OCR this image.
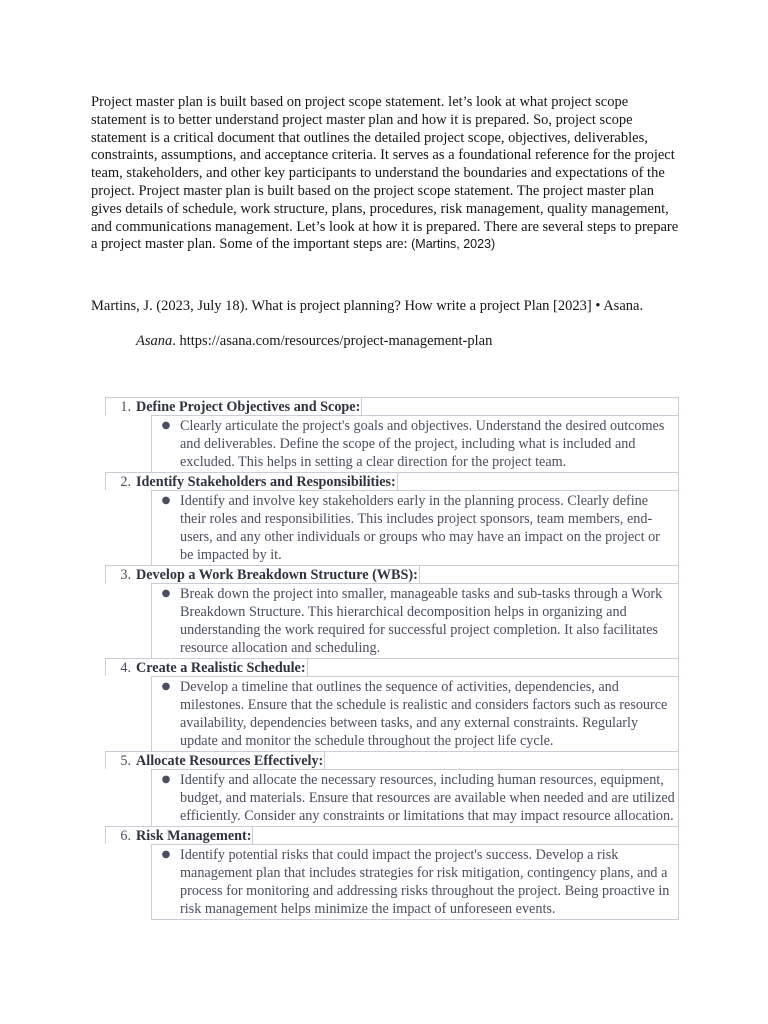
Project master plan is built based on project scope statement. let’s look at what project scope statement is to better understand project master plan and how it is prepared. So, project scope statement is a critical document that outlines the detailed project scope, objectives, deliverables, constraints, assumptions, and acceptance criteria. It serves as a foundational reference for the project team, stakeholders, and other key participants to understand the boundaries and expectations of the project. Project master plan is built based on the project scope statement. The project master plan gives details of schedule, work structure, plans, procedures, risk management, quality management, and communications management. Let’s look at how it is prepared. There are several steps to prepare a project master plan. Some of the important steps are: (Martins, 2023)

Martins, J. (2023, July 18). What is project planning? How write a project Plan [2023] • Asana.

Asana. https://asana.com/resources/project-management-plan

1. Define Project Objectives and Scope:
● Clearly articulate the project's goals and objectives. Understand the desired outcomes and deliverables. Define the scope of the project, including what is included and excluded. This helps in setting a clear direction for the project team.
2. Identify Stakeholders and Responsibilities:
● Identify and involve key stakeholders early in the planning process. Clearly define their roles and responsibilities. This includes project sponsors, team members, end-users, and any other individuals or groups who may have an impact on the project or be impacted by it.
3. Develop a Work Breakdown Structure (WBS):
● Break down the project into smaller, manageable tasks and sub-tasks through a Work Breakdown Structure. This hierarchical decomposition helps in organizing and understanding the work required for successful project completion. It also facilitates resource allocation and scheduling.
4. Create a Realistic Schedule:
● Develop a timeline that outlines the sequence of activities, dependencies, and milestones. Ensure that the schedule is realistic and considers factors such as resource availability, dependencies between tasks, and any external constraints. Regularly update and monitor the schedule throughout the project life cycle.
5. Allocate Resources Effectively:
● Identify and allocate the necessary resources, including human resources, equipment, budget, and materials. Ensure that resources are available when needed and are utilized efficiently. Consider any constraints or limitations that may impact resource allocation.
6. Risk Management:
● Identify potential risks that could impact the project's success. Develop a risk management plan that includes strategies for risk mitigation, contingency plans, and a process for monitoring and addressing risks throughout the project. Being proactive in risk management helps minimize the impact of unforeseen events.
